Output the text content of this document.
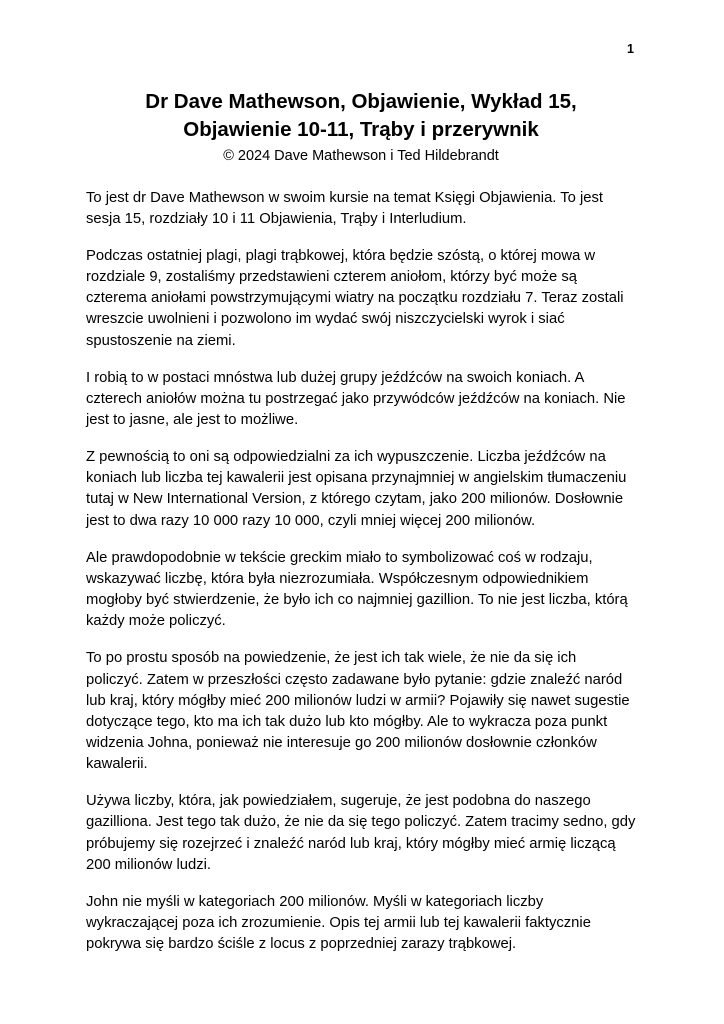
1
Dr Dave Mathewson, Objawienie, Wykład 15,
Objawienie 10-11, Trąby i przerywnik
© 2024 Dave Mathewson i Ted Hildebrandt

To jest dr Dave Mathewson w swoim kursie na temat Księgi Objawienia. To jest sesja 15, rozdziały 10 i 11 Objawienia, Trąby i Interludium.

Podczas ostatniej plagi, plagi trąbkowej, która będzie szóstą, o której mowa w rozdziale 9, zostaliśmy przedstawieni czterem aniołom, którzy być może są czterema aniołami powstrzymującymi wiatry na początku rozdziału 7. Teraz zostali wreszcie uwolnieni i pozwolono im wydać swój niszczycielski wyrok i siać spustoszenie na ziemi.

I robią to w postaci mnóstwa lub dużej grupy jeźdźców na swoich koniach. A czterech aniołów można tu postrzegać jako przywódców jeźdźców na koniach. Nie jest to jasne, ale jest to możliwe.

Z pewnością to oni są odpowiedzialni za ich wypuszczenie. Liczba jeźdźców na koniach lub liczba tej kawalerii jest opisana przynajmniej w angielskim tłumaczeniu tutaj w New International Version, z którego czytam, jako 200 milionów. Dosłownie jest to dwa razy 10 000 razy 10 000, czyli mniej więcej 200 milionów.

Ale prawdopodobnie w tekście greckim miało to symbolizować coś w rodzaju, wskazywać liczbę, która była niezrozumiała. Współczesnym odpowiednikiem mogłoby być stwierdzenie, że było ich co najmniej gazillion. To nie jest liczba, którą każdy może policzyć.

To po prostu sposób na powiedzenie, że jest ich tak wiele, że nie da się ich policzyć. Zatem w przeszłości często zadawane było pytanie: gdzie znaleźć naród lub kraj, który mógłby mieć 200 milionów ludzi w armii? Pojawiły się nawet sugestie dotyczące tego, kto ma ich tak dużo lub kto mógłby. Ale to wykracza poza punkt widzenia Johna, ponieważ nie interesuje go 200 milionów dosłownie członków kawalerii.

Używa liczby, która, jak powiedziałem, sugeruje, że jest podobna do naszego gazilliona. Jest tego tak dużo, że nie da się tego policzyć. Zatem tracimy sedno, gdy próbujemy się rozejrzeć i znaleźć naród lub kraj, który mógłby mieć armię liczącą 200 milionów ludzi.

John nie myśli w kategoriach 200 milionów. Myśli w kategoriach liczby wykraczającej poza ich zrozumienie. Opis tej armii lub tej kawalerii faktycznie pokrywa się bardzo ściśle z locus z poprzedniej zarazy trąbkowej.
